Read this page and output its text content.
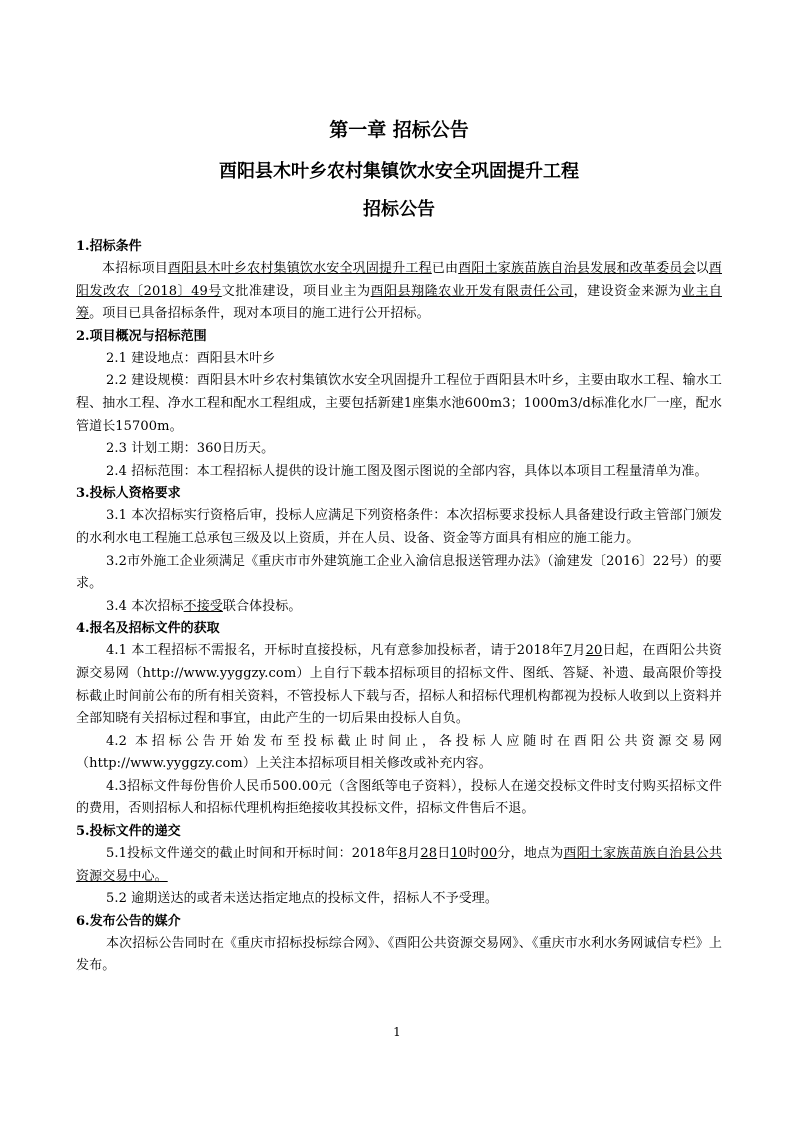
第一章 招标公告
酉阳县木叶乡农村集镇饮水安全巩固提升工程
招标公告

1.招标条件

本招标项目酉阳县木叶乡农村集镇饮水安全巩固提升工程已由酉阳土家族苗族自治县发展和改革委员会以酉阳发改农〔2018〕49号文批准建设，项目业主为酉阳县翔隆农业开发有限责任公司，建设资金来源为业主自筹。项目已具备招标条件，现对本项目的施工进行公开招标。

2.项目概况与招标范围

2.1 建设地点：酉阳县木叶乡

2.2 建设规模：酉阳县木叶乡农村集镇饮水安全巩固提升工程位于酉阳县木叶乡，主要由取水工程、输水工程、抽水工程、净水工程和配水工程组成，主要包括新建1座集水池600m3；1000m3/d标准化水厂一座，配水管道长15700m。

2.3 计划工期：360日历天。

2.4 招标范围：本工程招标人提供的设计施工图及图示图说的全部内容，具体以本项目工程量清单为准。

3.投标人资格要求

3.1 本次招标实行资格后审，投标人应满足下列资格条件：本次招标要求投标人具备建设行政主管部门颁发的水利水电工程施工总承包三级及以上资质，并在人员、设备、资金等方面具有相应的施工能力。

3.2市外施工企业须满足《重庆市市外建筑施工企业入渝信息报送管理办法》（渝建发〔2016〕22号）的要求。

3.4 本次招标不接受联合体投标。

4.报名及招标文件的获取

4.1 本工程招标不需报名，开标时直接投标，凡有意参加投标者，请于2018年7月20日起，在酉阳公共资源交易网（http://www.yyggzy.com）上自行下载本招标项目的招标文件、图纸、答疑、补遗、最高限价等投标截止时间前公布的所有相关资料，不管投标人下载与否，招标人和招标代理机构都视为投标人收到以上资料并全部知晓有关招标过程和事宜，由此产生的一切后果由投标人自负。

4.2 本招标公告开始发布至投标截止时间止，各投标人应随时在酉阳公共资源交易网（http://www.yyggzy.com）上关注本招标项目相关修改或补充内容。

4.3招标文件每份售价人民币500.00元（含图纸等电子资料），投标人在递交投标文件时支付购买招标文件的费用，否则招标人和招标代理机构拒绝接收其投标文件，招标文件售后不退。

5.投标文件的递交

5.1投标文件递交的截止时间和开标时间：2018年8月28日10时00分，地点为酉阳土家族苗族自治县公共资源交易中心。

5.2 逾期送达的或者未送达指定地点的投标文件，招标人不予受理。

6.发布公告的媒介

本次招标公告同时在《重庆市招标投标综合网》、《酉阳公共资源交易网》、《重庆市水利水务网诚信专栏》上发布。

1
